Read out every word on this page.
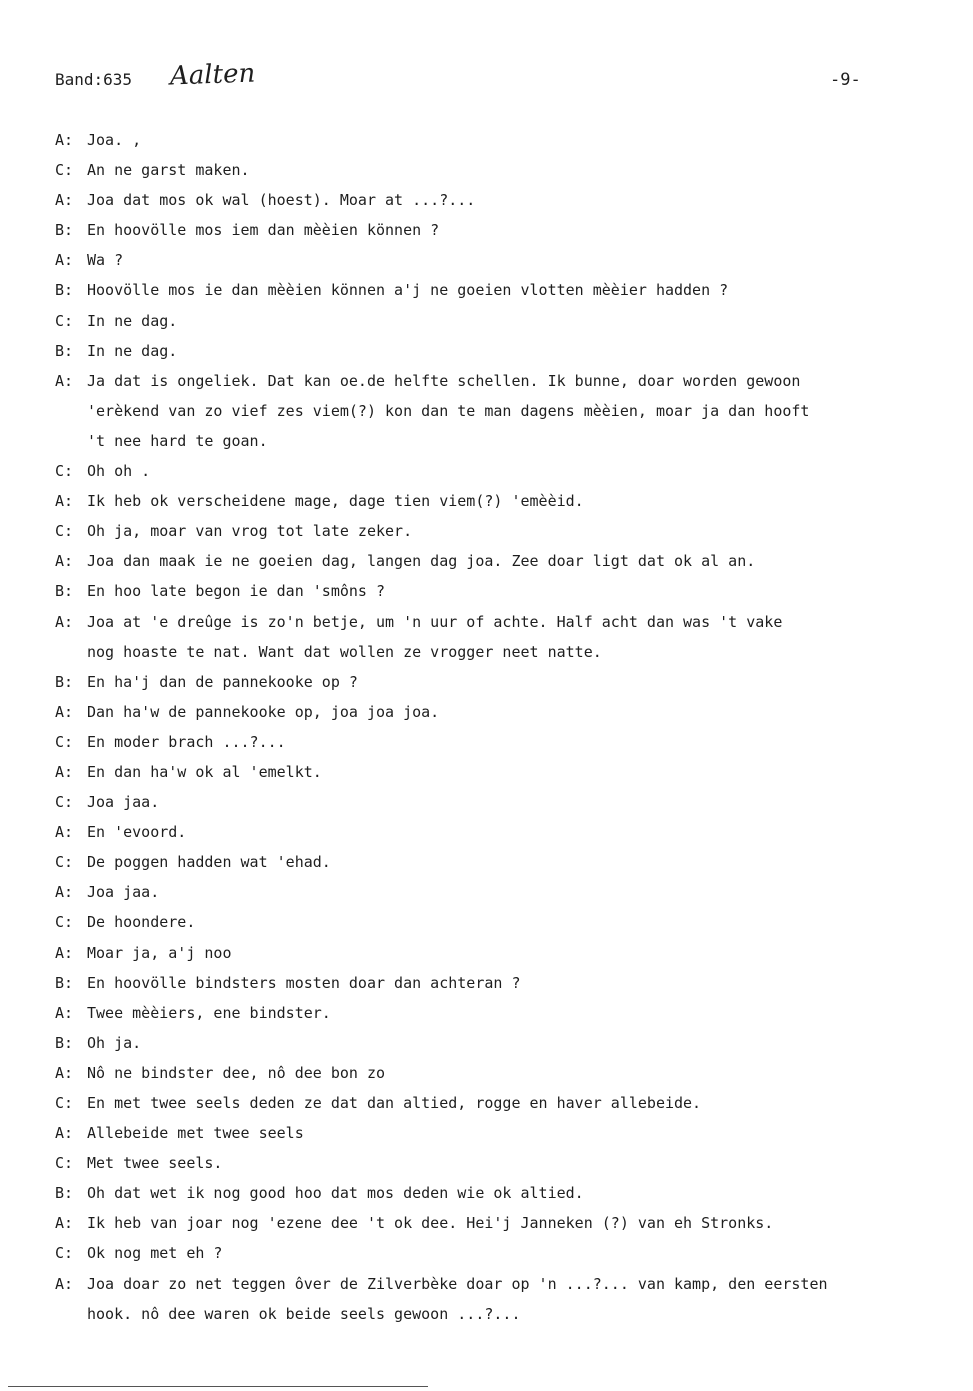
Band:635 Aalten	-9-
A: Joa. ,
C: An ne garst maken.
A: Joa dat mos ok wal (hoest). Moar at ...?...
B: En hoovölle mos iem dan mèèien können ?
A: Wa ?
B: Hoovölle mos ie dan mèèien können a'j ne goeien vlotten mèèier hadden ?
C: In ne dag.
B: In ne dag.
A: Ja dat is ongeliek. Dat kan oe.de helfte schellen. Ik bunne, doar worden gewoon
'erèkend van zo vief zes viem(?) kon dan te man dagens mèèien, moar ja dan hooft
't nee hard te goan.
C: Oh oh .
A: Ik heb ok verscheidene mage, dage tien viem(?) 'emèèid.
C: Oh ja, moar van vrog tot late zeker.
A: Joa dan maak ie ne goeien dag, langen dag joa. Zee doar ligt dat ok al an.
B: En hoo late begon ie dan 'smôns ?
A: Joa at 'e dreûge is zo'n betje, um 'n uur of achte. Half acht dan was 't vake
nog hoaste te nat. Want dat wollen ze vrogger neet natte.
B: En ha'j dan de pannekooke op ?
A: Dan ha'w de pannekooke op, joa joa joa.
C: En moder brach ...?...
A: En dan ha'w ok al 'emelkt.
C: Joa jaa.
A: En 'evoord.
C: De poggen hadden wat 'ehad.
A: Joa jaa.
C: De hoondere.
A: Moar ja, a'j noo
B: En hoovölle bindsters mosten doar dan achteran ?
A: Twee mèèiers, ene bindster.
B: Oh ja.
A: Nô ne bindster dee, nô dee bon zo
C: En met twee seels deden ze dat dan altied, rogge en haver allebeide.
A: Allebeide met twee seels
C: Met twee seels.
B: Oh dat wet ik nog good hoo dat mos deden wie ok altied.
A: Ik heb van joar nog 'ezene dee 't ok dee. Hei'j Janneken (?) van eh Stronks.
C: Ok nog met eh ?
A: Joa doar zo net teggen ôver de Zilverbèke doar op 'n ...?... van kamp, den eersten
hook. nô dee waren ok beide seels gewoon ...?...
